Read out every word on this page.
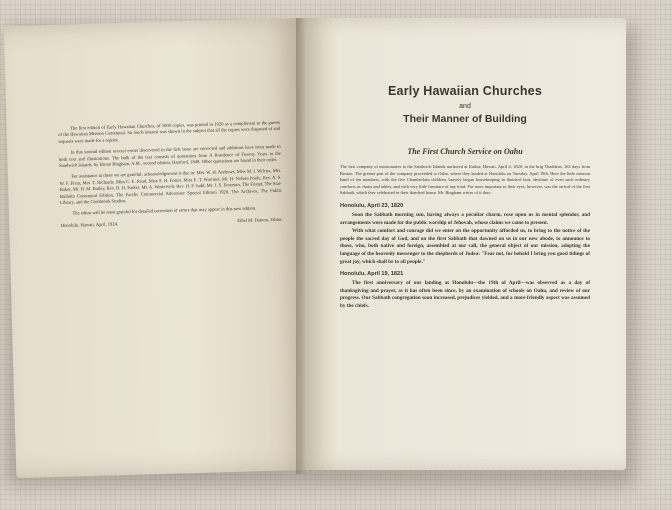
The first edition of Early Hawaiian Churches, of 1000 copies, was printed in 1920 as a compliment to the guests of the Hawaiian Mission Centennial. So much interest was shown in the subject that all the copies were disposed of and requests were made for a reprint.

In this second edition several errors discovered in the first issue are corrected and additions have been made to both text and illustrations. The bulk of the text consists of quotations from A Residence of Twenty Years in the Sandwich Islands, by Hiram Bingham, A.M., second edition, Hartford, 1848. Other quotations are found in their order.

For assistance in these we are grateful, acknowledgement is due to: Mrs. W. H. Andrews, Miss M. I. Wilcox, Mrs. W. F. Frear, Mrs. T. Richards, Miss C. E. Read, Miss S. H. Foster, Miss E. T. Warriner, Mr. H. Nelson Poole, Rev. A. S. Baker, Mr. H. M. Bailey, Rev. H. H. Parker, Mr. A. Westervelt, Rev. H. P. Judd, Mr. J. S. Emerson, The Friend, The Star-Bulletin Centennial Edition, The Pacific Commercial Advertiser Special Edition 1920, The Archives, The Public Library, and the Cronbrook Studios.

The editor will be most grateful for detailed correction of errors that may appear in this new edition.

Honolulu, Hawaii, April, 1924.
Ethel M. Damon, Editor.
Early Hawaiian Churches

and

Their Manner of Building
The First Church Service on Oahu

The first company of missionaries to the Sandwich Islands anchored at Kailua, Hawaii, April 4, 1820, in the brig Thaddeus, 163 days from Boston. The greater part of the company proceeded to Oahu, where they landed at Honolulu on Tuesday, April 19th. Here the little mission band of ten members, with the five Chamberlain children, bravely began housekeeping in thatched huts, destitute of even such ordinary comforts as chairs and tables, and with very little furniture of any kind. Far more important to their eyes, however, was the arrival of the first Sabbath, which they celebrated in their thatched house. Mr. Bingham writes of it thus:

Honolulu, April 23, 1820

Soon the Sabbath morning sun, having always a peculiar charm, rose upon us in mental splendor, and arrangements were made for the public worship of Jehovah, whose claims we came to present.

With what comfort and courage did we enter on the opportunity afforded us, to bring to the notice of the people the sacred day of God, and on the first Sabbath that dawned on us in our new abode, to announce to those, who, both native and foreign, assembled at our call, the general object of our mission, adopting the language of the heavenly messenger to the shepherds of Judea: "Fear not, for behold I bring you good tidings of great joy, which shall be to all people."

Honolulu, April 19, 1821

The first anniversary of our landing at Honolulu—the 19th of April—was observed as a day of thanksgiving and prayer, as it has often been since, by an examination of schools on Oahu, and review of our progress. Our Sabbath congregation soon increased, prejudices yielded, and a more friendly aspect was assumed by the chiefs.
